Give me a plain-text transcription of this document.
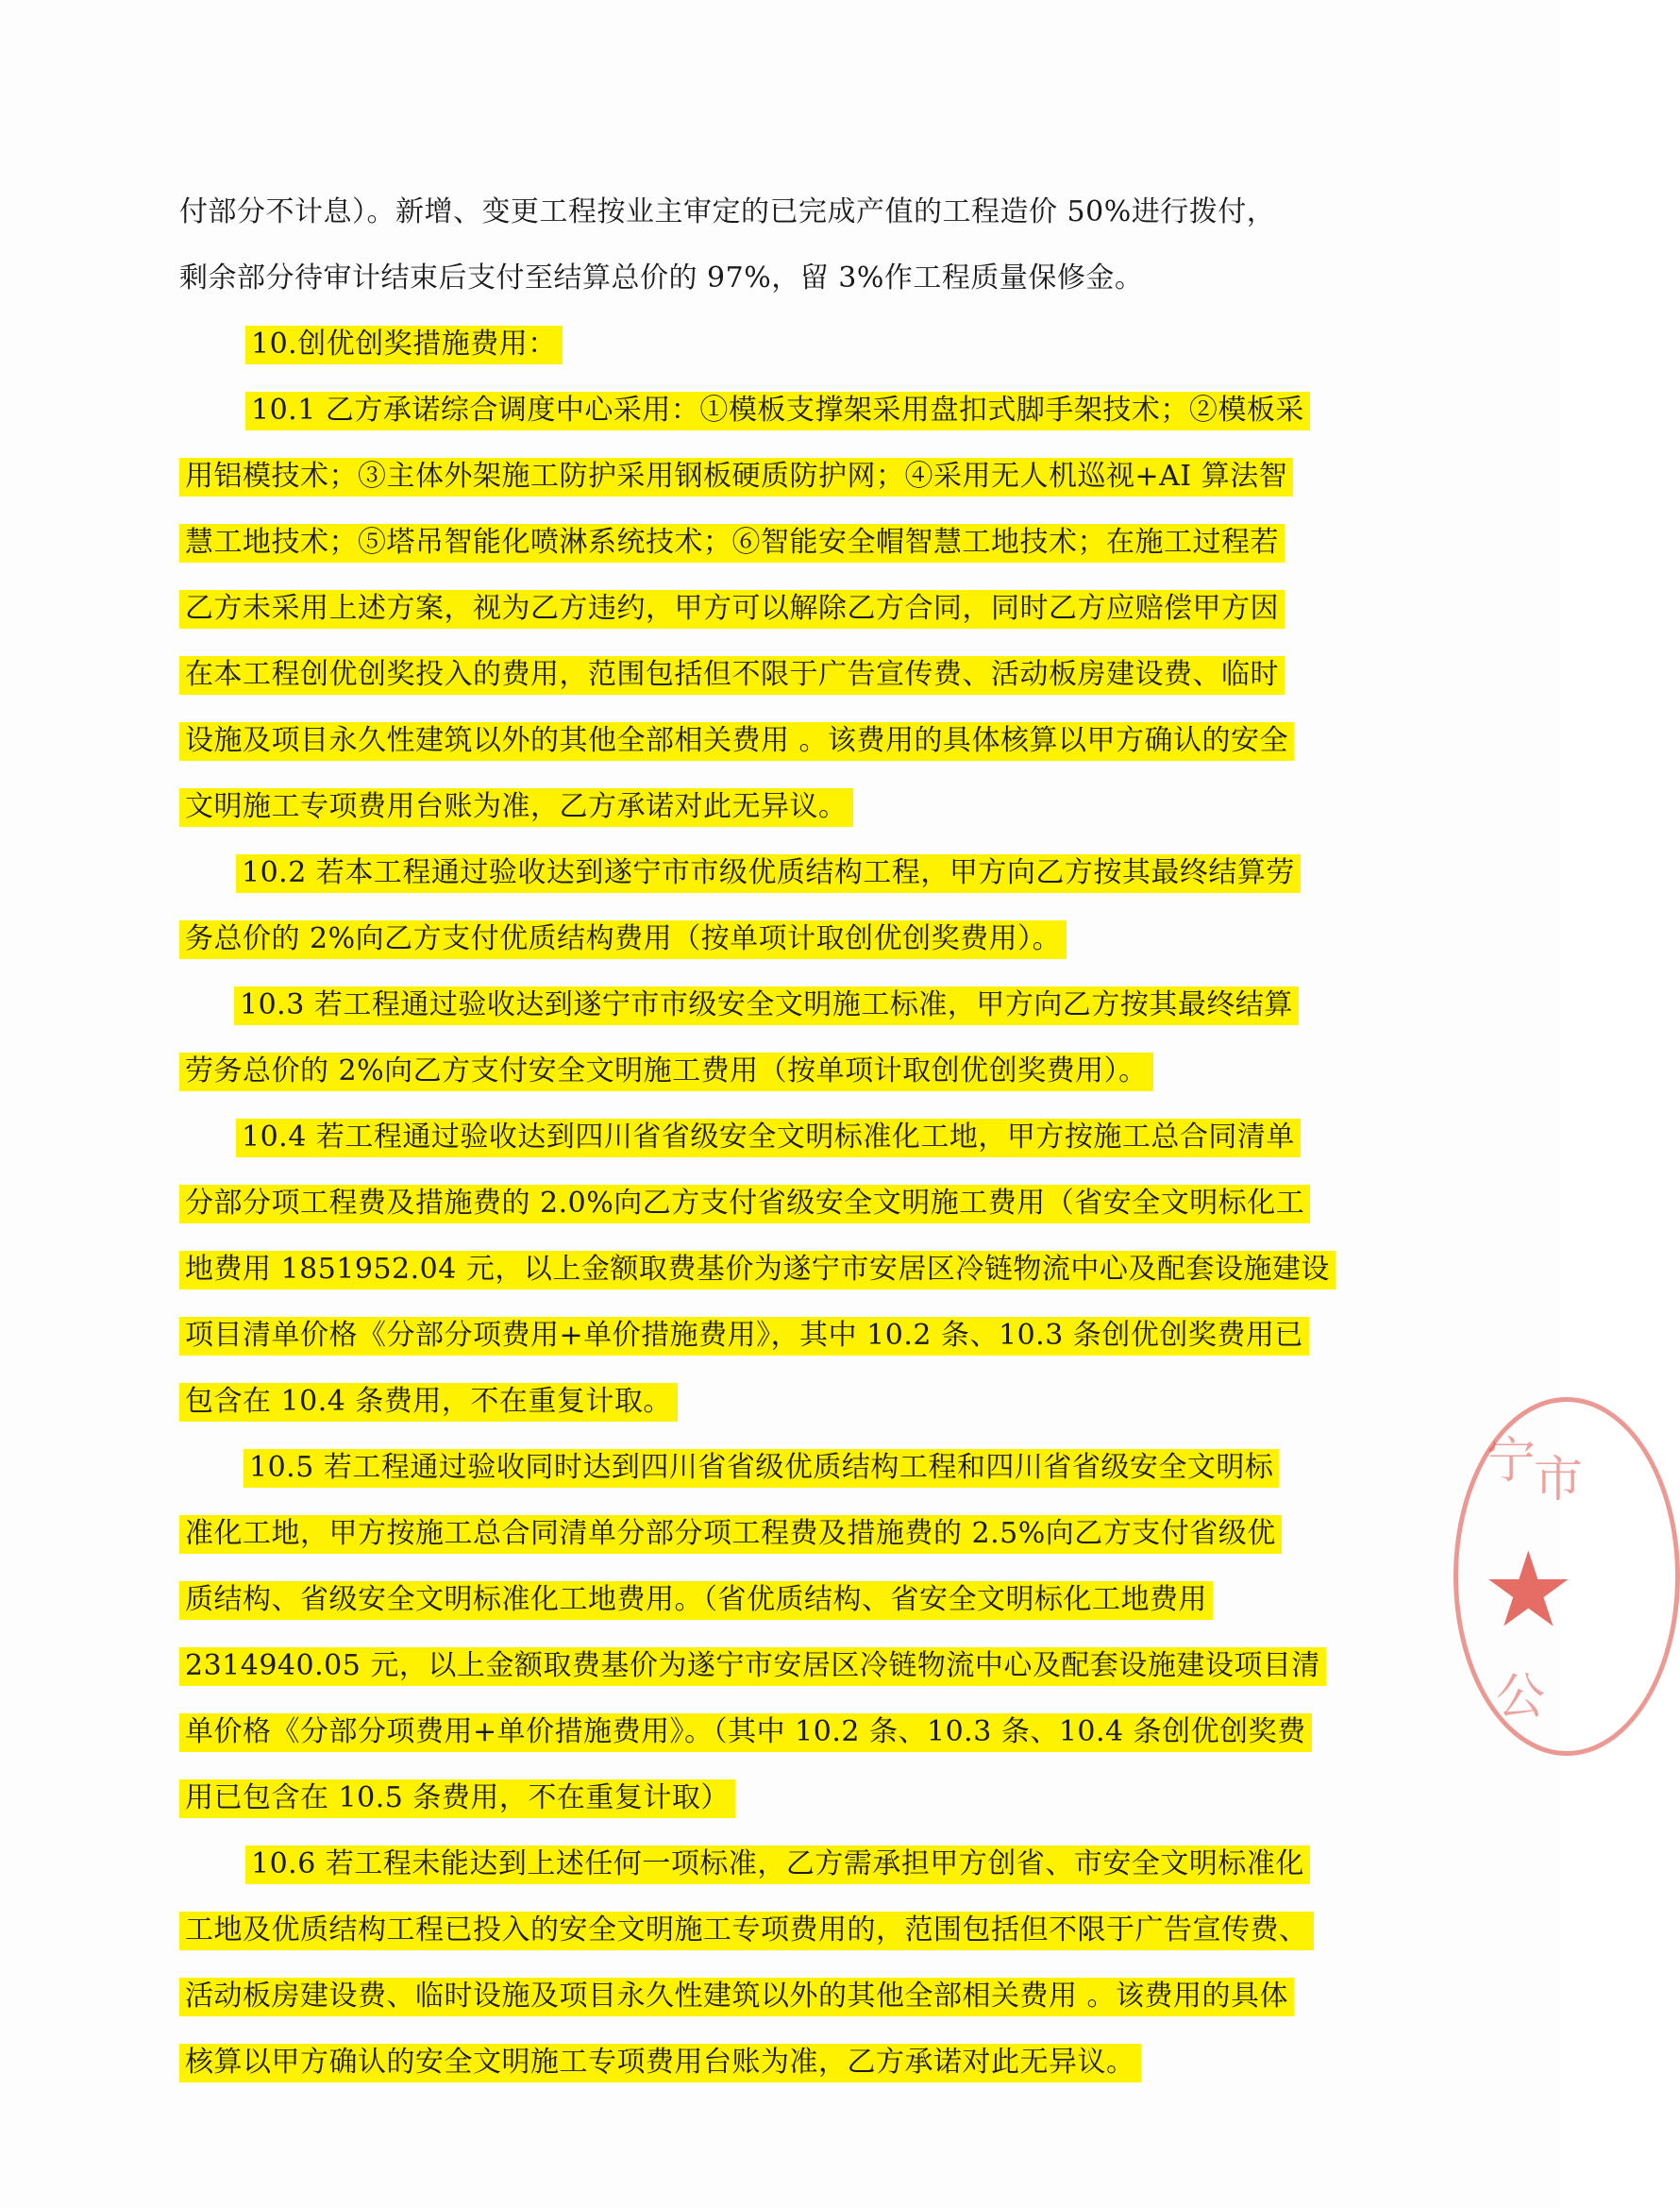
付部分不计息）。新增、变更工程按业主审定的已完成产值的工程造价 50%进行拨付，
剩余部分待审计结束后支付至结算总价的 97%，留 3%作工程质量保修金。
10.创优创奖措施费用：
10.1 乙方承诺综合调度中心采用：①模板支撑架采用盘扣式脚手架技术；②模板采
用铝模技术；③主体外架施工防护采用钢板硬质防护网；④采用无人机巡视+AI 算法智
慧工地技术；⑤塔吊智能化喷淋系统技术；⑥智能安全帽智慧工地技术；在施工过程若
乙方未采用上述方案，视为乙方违约，甲方可以解除乙方合同，同时乙方应赔偿甲方因
在本工程创优创奖投入的费用，范围包括但不限于广告宣传费、活动板房建设费、临时
设施及项目永久性建筑以外的其他全部相关费用 。该费用的具体核算以甲方确认的安全
文明施工专项费用台账为准，乙方承诺对此无异议。
10.2 若本工程通过验收达到遂宁市市级优质结构工程，甲方向乙方按其最终结算劳
务总价的 2%向乙方支付优质结构费用（按单项计取创优创奖费用）。
10.3 若工程通过验收达到遂宁市市级安全文明施工标准，甲方向乙方按其最终结算
劳务总价的 2%向乙方支付安全文明施工费用（按单项计取创优创奖费用）。
10.4 若工程通过验收达到四川省省级安全文明标准化工地，甲方按施工总合同清单
分部分项工程费及措施费的 2.0%向乙方支付省级安全文明施工费用（省安全文明标化工
地费用 1851952.04 元，以上金额取费基价为遂宁市安居区冷链物流中心及配套设施建设
项目清单价格《分部分项费用+单价措施费用》，其中 10.2 条、10.3 条创优创奖费用已
包含在 10.4 条费用，不在重复计取。
10.5 若工程通过验收同时达到四川省省级优质结构工程和四川省省级安全文明标
准化工地，甲方按施工总合同清单分部分项工程费及措施费的 2.5%向乙方支付省级优
质结构、省级安全文明标准化工地费用。（省优质结构、省安全文明标化工地费用
2314940.05 元，以上金额取费基价为遂宁市安居区冷链物流中心及配套设施建设项目清
单价格《分部分项费用+单价措施费用》。（其中 10.2 条、10.3 条、10.4 条创优创奖费
用已包含在 10.5 条费用，不在重复计取）
10.6 若工程未能达到上述任何一项标准，乙方需承担甲方创省、市安全文明标准化
工地及优质结构工程已投入的安全文明施工专项费用的，范围包括但不限于广告宣传费、
活动板房建设费、临时设施及项目永久性建筑以外的其他全部相关费用 。该费用的具体
核算以甲方确认的安全文明施工专项费用台账为准，乙方承诺对此无异议。
★
宁
市
公
